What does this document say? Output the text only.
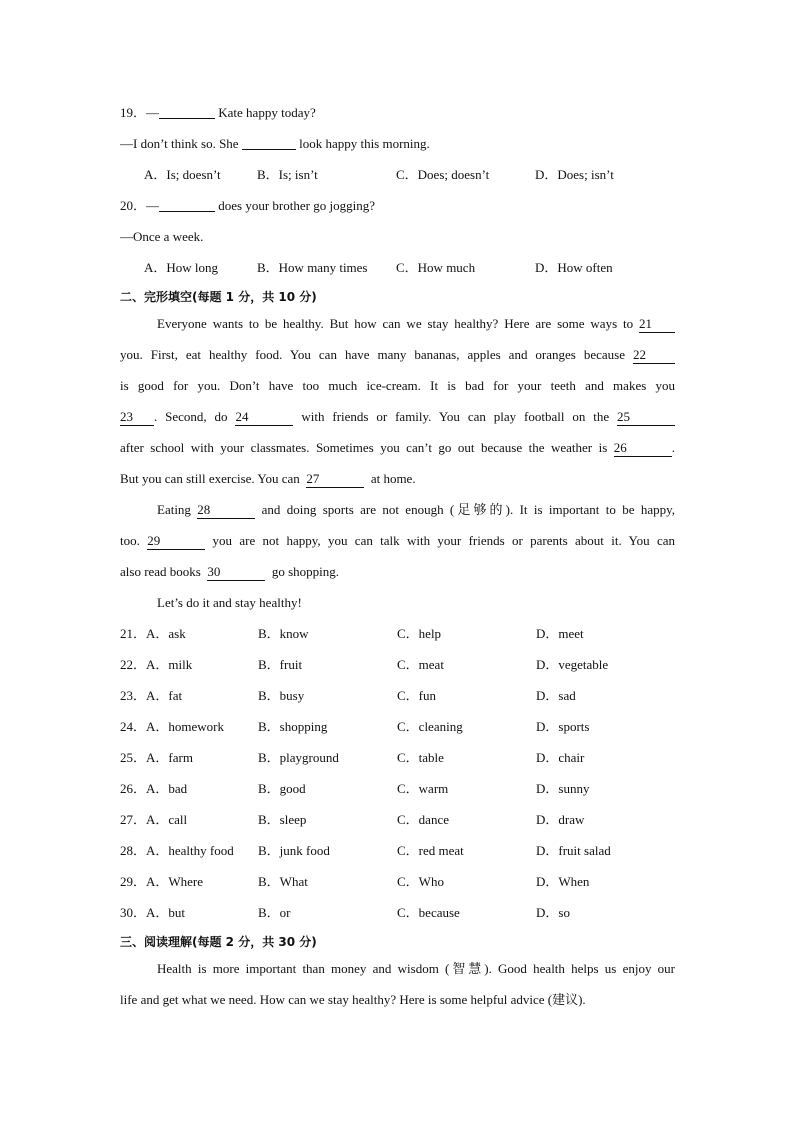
19．—	Kate happy today?
—I don’t think so. She	look happy this morning.
A．Is; doesn’t	B．Is; isn’t	C．Does; doesn’t	D．Does; isn’t
20．—	does your brother go jogging?
—Once a week.
A．How long	B．How many times	C．How much	D．How often
二、完形填空(每题 1 分，共 10 分)
Everyone wants to be healthy. But how can we stay healthy? Here are some ways to 21
you. First, eat healthy food. You can have many bananas, apples and oranges because 22
is good for you. Don’t have too much ice-cream. It is bad for your teeth and makes you
23 . Second, do 24	with friends or family. You can play football on the 25
after school with your classmates. Sometimes you can’t go out because the weather is 26	.
But you can still exercise. You can 27	at home.
Eating 28	and doing sports are not enough (足够的). It is important to be happy,
too. 29	you are not happy, you can talk with your friends or parents about it. You can
also read books 30	go shopping.
Let’s do it and stay healthy!
21．A．ask	B．know	C．help	D．meet
22．A．milk	B．fruit	C．meat	D．vegetable
23．A．fat	B．busy	C．fun	D．sad
24．A．homework	B．shopping	C．cleaning	D．sports
25．A．farm	B．playground	C．table	D．chair
26．A．bad	B．good	C．warm	D．sunny
27．A．call	B．sleep	C．dance	D．draw
28．A．healthy food	B．junk food	C．red meat	D．fruit salad
29．A．Where	B．What	C．Who	D．When
30．A．but	B．or	C．because	D．so
三、阅读理解(每题 2 分，共 30 分)
Health is more important than money and wisdom (智慧). Good health helps us enjoy our
life and get what we need. How can we stay healthy? Here is some helpful advice (建议).
